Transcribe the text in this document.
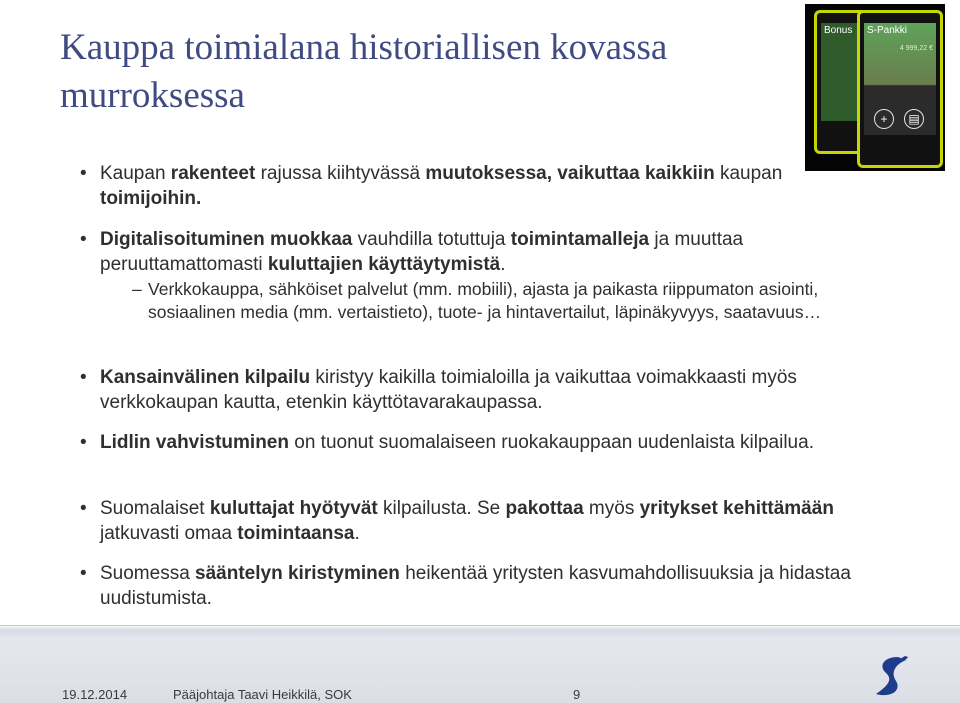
Kauppa toimialana historiallisen kovassa
murroksessa
Bonus S-Pankki
4 999,22 €
+	▤
• Kaupan rakenteet rajussa kiihtyvässä muutoksessa, vaikuttaa kaikkiin kaupan toimijoihin.
• Digitalisoituminen muokkaa vauhdilla totuttuja toimintamalleja ja muuttaa peruuttamattomasti kuluttajien käyttäytymistä.
– Verkkokauppa, sähköiset palvelut (mm. mobiili), ajasta ja paikasta riippumaton asiointi, sosiaalinen media (mm. vertaistieto), tuote- ja hintavertailut, läpinäkyvyys, saatavuus…
• Kansainvälinen kilpailu kiristyy kaikilla toimialoilla ja vaikuttaa voimakkaasti myös verkkokaupan kautta, etenkin käyttötavarakaupassa.
• Lidlin vahvistuminen on tuonut suomalaiseen ruokakauppaan uudenlaista kilpailua.
• Suomalaiset kuluttajat hyötyvät kilpailusta. Se pakottaa myös yritykset kehittämään jatkuvasti omaa toimintaansa.
• Suomessa sääntelyn kiristyminen heikentää yritysten kasvumahdollisuuksia ja hidastaa uudistumista.
19.12.2014	Pääjohtaja Taavi Heikkilä, SOK	9
